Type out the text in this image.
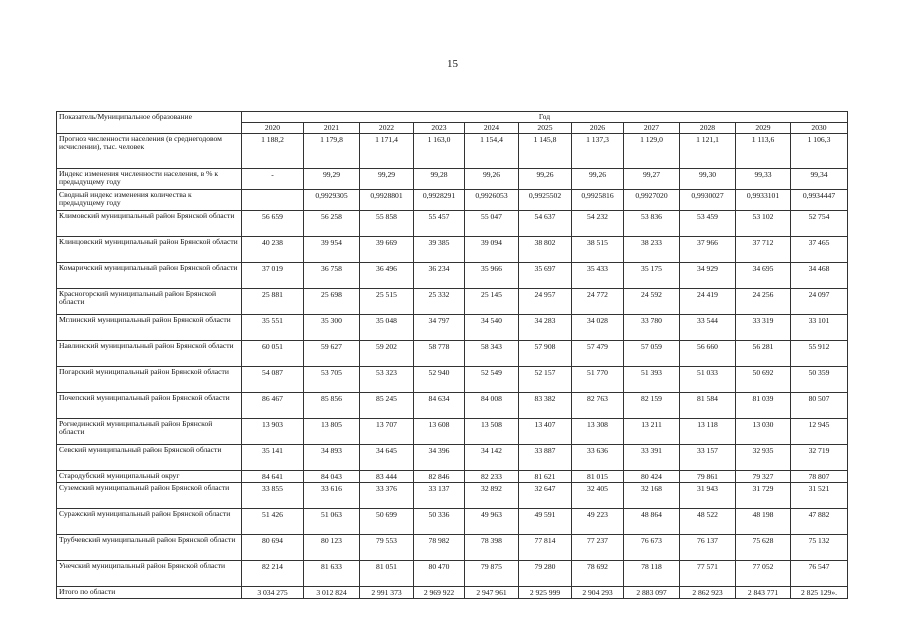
15
Показатель/Муниципальное образование	Год										
	2020	2021	2022	2023	2024	2025	2026	2027	2028	2029	2030
Прогноз численности населения (в среднегодовом исчислении), тыс. человек	1 188,2	1 179,8	1 171,4	1 163,0	1 154,4	1 145,8	1 137,3	1 129,0	1 121,1	1 113,6	1 106,3
Индекс изменения численности населения, в % к предыдущему году	-	99,29	99,29	99,28	99,26	99,26	99,26	99,27	99,30	99,33	99,34
Сводный индекс изменения количества к предыдущему году		0,9929305	0,9928801	0,9928291	0,9926053	0,9925502	0,9925816	0,9927020	0,9930027	0,9933101	0,9934447
Климовский муниципальный район Брянской области	56 659	56 258	55 858	55 457	55 047	54 637	54 232	53 836	53 459	53 102	52 754
Клинцовский муниципальный район Брянской области	40 238	39 954	39 669	39 385	39 094	38 802	38 515	38 233	37 966	37 712	37 465
Комаричский муниципальный район Брянской области	37 019	36 758	36 496	36 234	35 966	35 697	35 433	35 175	34 929	34 695	34 468
Красногорский муниципальный район Брянской области	25 881	25 698	25 515	25 332	25 145	24 957	24 772	24 592	24 419	24 256	24 097
Мглинский муниципальный район Брянской области	35 551	35 300	35 048	34 797	34 540	34 283	34 028	33 780	33 544	33 319	33 101
Навлинский муниципальный район Брянской области	60 051	59 627	59 202	58 778	58 343	57 908	57 479	57 059	56 660	56 281	55 912
Погарский муниципальный район Брянской области	54 087	53 705	53 323	52 940	52 549	52 157	51 770	51 393	51 033	50 692	50 359
Почепский муниципальный район Брянской области	86 467	85 856	85 245	84 634	84 008	83 382	82 763	82 159	81 584	81 039	80 507
Рогнединский муниципальный район Брянской области	13 903	13 805	13 707	13 608	13 508	13 407	13 308	13 211	13 118	13 030	12 945
Севский муниципальный район Брянской области	35 141	34 893	34 645	34 396	34 142	33 887	33 636	33 391	33 157	32 935	32 719
Стародубский муниципальный округ	84 641	84 043	83 444	82 846	82 233	81 621	81 015	80 424	79 861	79 327	78 807
Суземский муниципальный район Брянской области	33 855	33 616	33 376	33 137	32 892	32 647	32 405	32 168	31 943	31 729	31 521
Суражский муниципальный район Брянской области	51 426	51 063	50 699	50 336	49 963	49 591	49 223	48 864	48 522	48 198	47 882
Трубчевский муниципальный район Брянской области	80 694	80 123	79 553	78 982	78 398	77 814	77 237	76 673	76 137	75 628	75 132
Унечский муниципальный район Брянской области	82 214	81 633	81 051	80 470	79 875	79 280	78 692	78 118	77 571	77 052	76 547
Итого по области	3 034 275	3 012 824	2 991 373	2 969 922	2 947 961	2 925 999	2 904 293	2 883 097	2 862 923	2 843 771	2 825 129».
